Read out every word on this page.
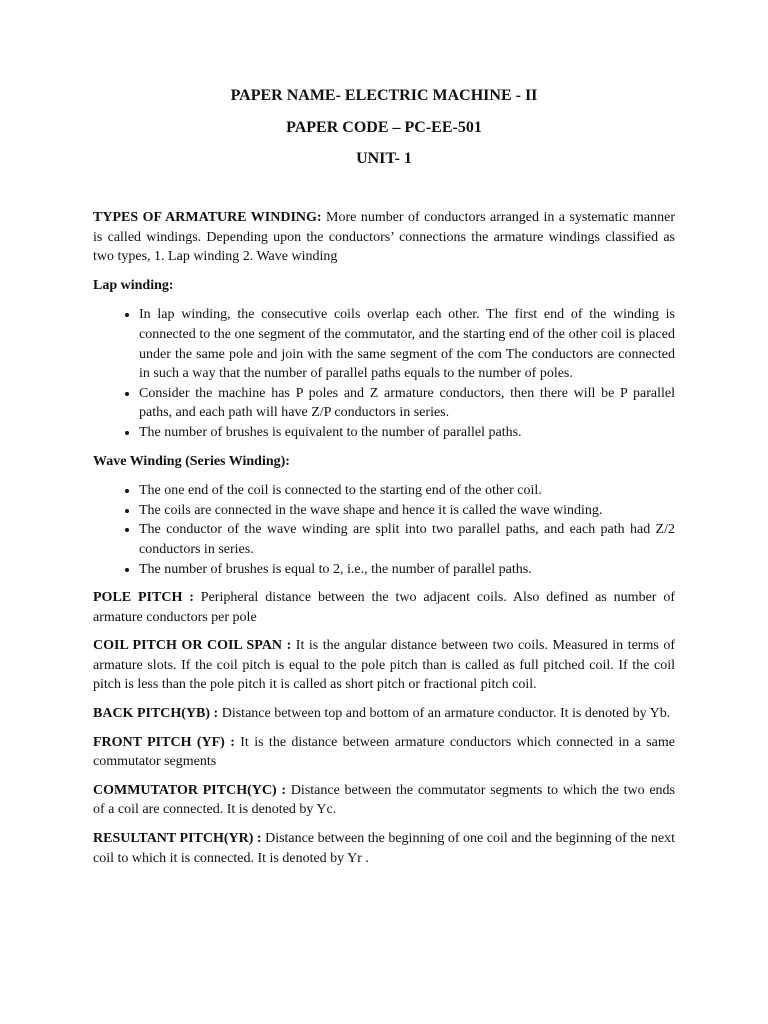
PAPER NAME- ELECTRIC MACHINE - II
PAPER CODE – PC-EE-501
UNIT- 1

TYPES OF ARMATURE WINDING: More number of conductors arranged in a systematic manner is called windings. Depending upon the conductors’ connections the armature windings classified as two types, 1. Lap winding 2. Wave winding

Lap winding:
• In lap winding, the consecutive coils overlap each other. The first end of the winding is connected to the one segment of the commutator, and the starting end of the other coil is placed under the same pole and join with the same segment of the com The conductors are connected in such a way that the number of parallel paths equals to the number of poles.
• Consider the machine has P poles and Z armature conductors, then there will be P parallel paths, and each path will have Z/P conductors in series.
• The number of brushes is equivalent to the number of parallel paths.
Wave Winding (Series Winding):
• The one end of the coil is connected to the starting end of the other coil.
• The coils are connected in the wave shape and hence it is called the wave winding.
• The conductor of the wave winding are split into two parallel paths, and each path had Z/2 conductors in series.
• The number of brushes is equal to 2, i.e., the number of parallel paths.

POLE PITCH : Peripheral distance between the two adjacent coils. Also defined as number of armature conductors per pole

COIL PITCH OR COIL SPAN : It is the angular distance between two coils. Measured in terms of armature slots. If the coil pitch is equal to the pole pitch than is called as full pitched coil. If the coil pitch is less than the pole pitch it is called as short pitch or fractional pitch coil.

BACK PITCH(YB) : Distance between top and bottom of an armature conductor. It is denoted by Yb.

FRONT PITCH (YF) : It is the distance between armature conductors which connected in a same commutator segments

COMMUTATOR PITCH(YC) : Distance between the commutator segments to which the two ends of a coil are connected. It is denoted by Yc.

RESULTANT PITCH(YR) : Distance between the beginning of one coil and the beginning of the next coil to which it is connected. It is denoted by Yr .
